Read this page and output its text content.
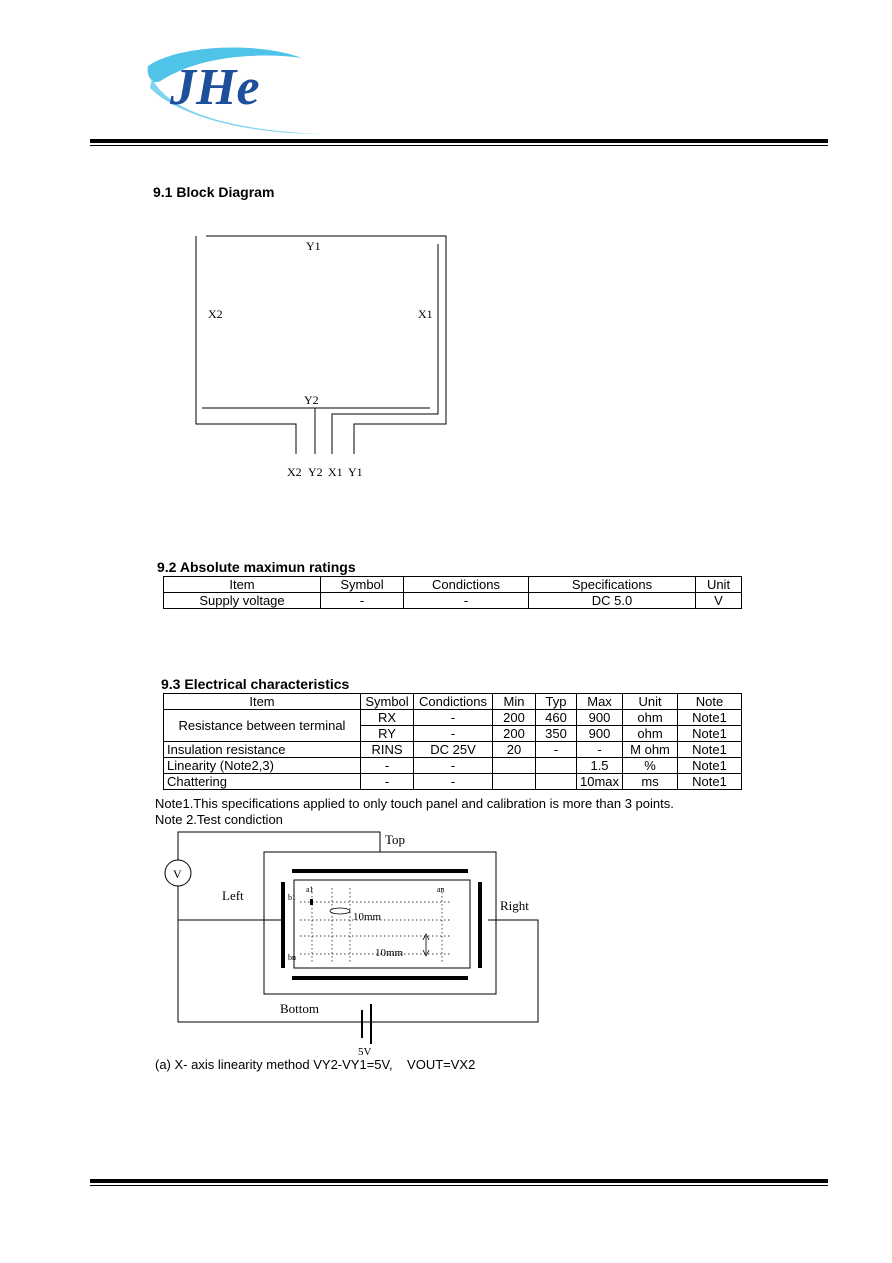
JHe
9.1 Block Diagram
Y1
X2	X1
Y2
X2 Y2 X1 Y1
9.2 Absolute maximun ratings
Item	Symbol	Condictions	Specifications	Unit
Supply voltage	-	-	DC 5.0	V
9.3 Electrical characteristics
Item	Symbol	Condictions	Min	Typ	Max	Unit	Note
Resistance between terminal	RX	-	200	460	900	ohm	Note1
	RY	-	200	350	900	ohm	Note1
Insulation resistance	RINS	DC 25V	20	-	-	M ohm	Note1
Linearity (Note2,3)	-	-			1.5	%	Note1
Chattering	-	-			10max	ms	Note1
Note1.This specifications applied to only touch panel and calibration is more than 3 points.
Note 2.Test condiction
V
Top
Left
Right
Bottom
5V
a1	an
b1
bn
10mm
10mm
(a) X- axis linearity method VY2-VY1=5V,    VOUT=VX2
